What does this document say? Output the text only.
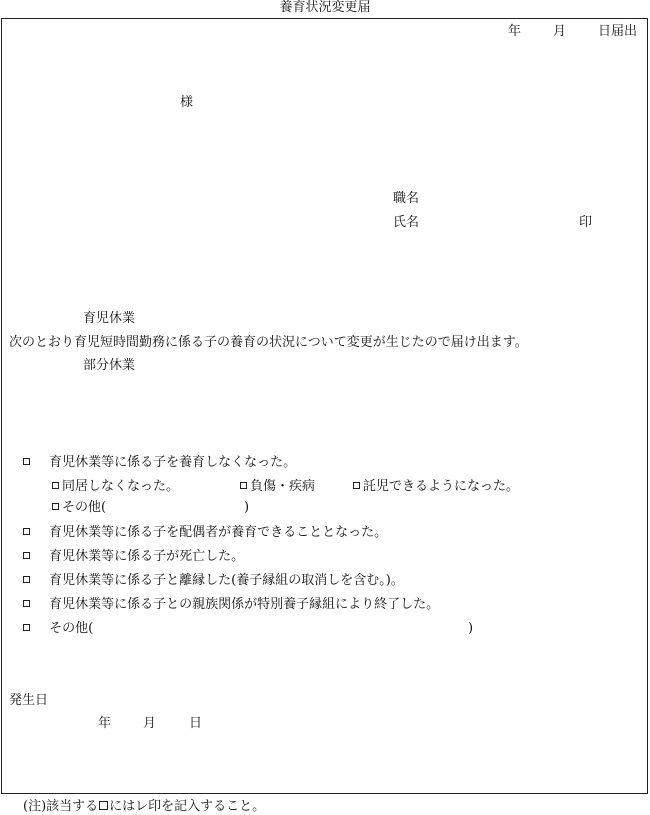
養育状況変更届
年 月 日届出
様
職名
氏名	印
育児休業
次のとおり育児短時間勤務に係る子の養育の状況について変更が生じたので届け出ます。
部分休業
育児休業等に係る子を養育しなくなった。
同居しなくなった。	負傷・疾病	託児できるようになった。
その他(	)
育児休業等に係る子を配偶者が養育できることとなった。
育児休業等に係る子が死亡した。
育児休業等に係る子と離縁した(養子縁組の取消しを含む。)。
育児休業等に係る子との親族関係が特別養子縁組により終了した。
その他(	)
発生日
年 月	日
(注)該当する にはレ印を記入すること。
